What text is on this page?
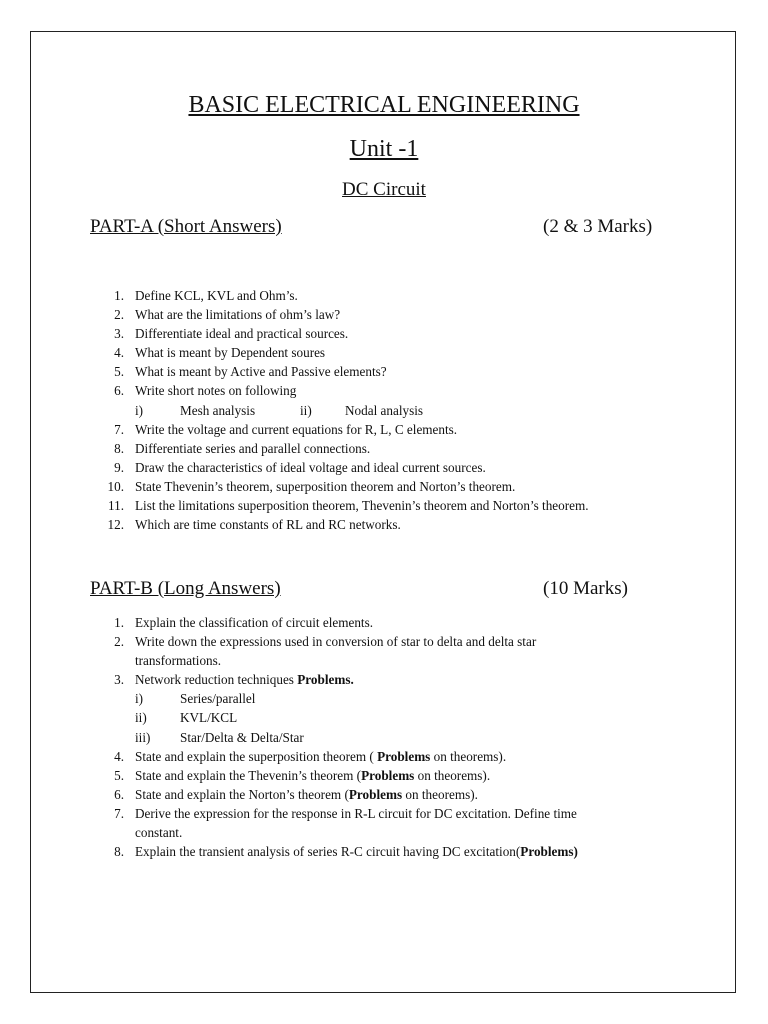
BASIC ELECTRICAL ENGINEERING
Unit -1
DC Circuit
PART-A (Short Answers)	(2 & 3 Marks)
1. Define KCL, KVL and Ohm’s.
2. What are the limitations of ohm’s law?
3. Differentiate ideal and practical sources.
4. What is meant by Dependent soures
5. What is meant by Active and Passive elements?
6. Write short notes on following
i)	Mesh analysis	ii)	Nodal analysis
7. Write the voltage and current equations for R, L, C elements.
8. Differentiate series and parallel connections.
9. Draw the characteristics of ideal voltage and ideal current sources.
10. State Thevenin’s theorem, superposition theorem and Norton’s theorem.
11. List the limitations superposition theorem, Thevenin’s theorem and Norton’s theorem.
12. Which are time constants of RL and RC networks.
PART-B (Long Answers)	(10 Marks)
1. Explain the classification of circuit elements.
2. Write down the expressions used in conversion of star to delta and delta star transformations.
3. Network reduction techniques Problems.
i)	Series/parallel
ii)	KVL/KCL
iii)	Star/Delta & Delta/Star
4. State and explain the superposition theorem ( Problems on theorems).
5. State and explain the Thevenin’s theorem (Problems on theorems).
6. State and explain the Norton’s theorem (Problems on theorems).
7. Derive the expression for the response in R-L circuit for DC excitation. Define time constant.
8. Explain the transient analysis of series R-C circuit having DC excitation(Problems)
